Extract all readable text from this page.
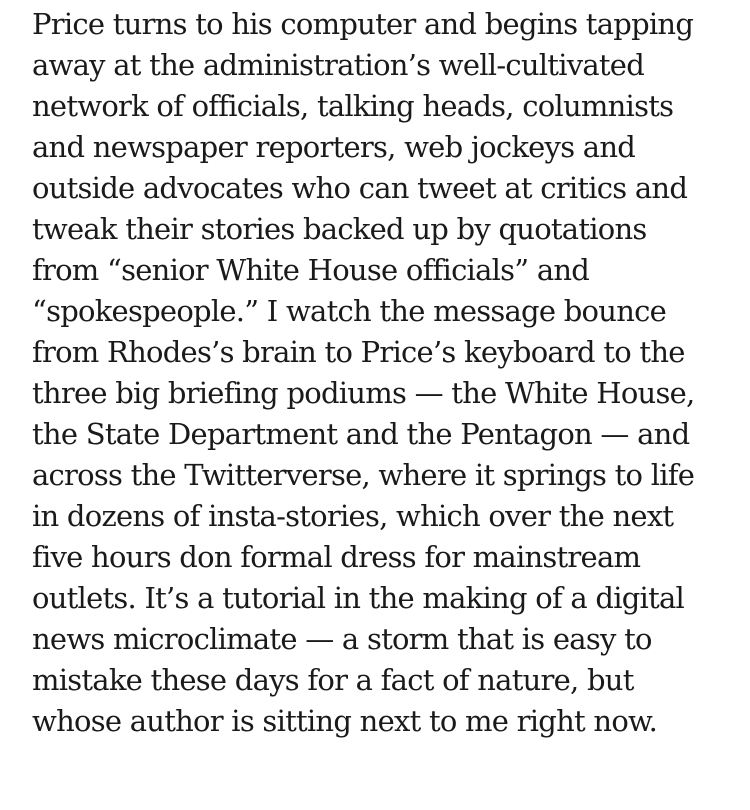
Price turns to his computer and begins tapping
away at the administration’s well-cultivated
network of officials, talking heads, columnists
and newspaper reporters, web jockeys and
outside advocates who can tweet at critics and
tweak their stories backed up by quotations
from “senior White House officials” and
“spokespeople.” I watch the message bounce
from Rhodes’s brain to Price’s keyboard to the
three big briefing podiums — the White House,
the State Department and the Pentagon — and
across the Twitterverse, where it springs to life
in dozens of insta-stories, which over the next
five hours don formal dress for mainstream
outlets. It’s a tutorial in the making of a digital
news microclimate — a storm that is easy to
mistake these days for a fact of nature, but
whose author is sitting next to me right now.
